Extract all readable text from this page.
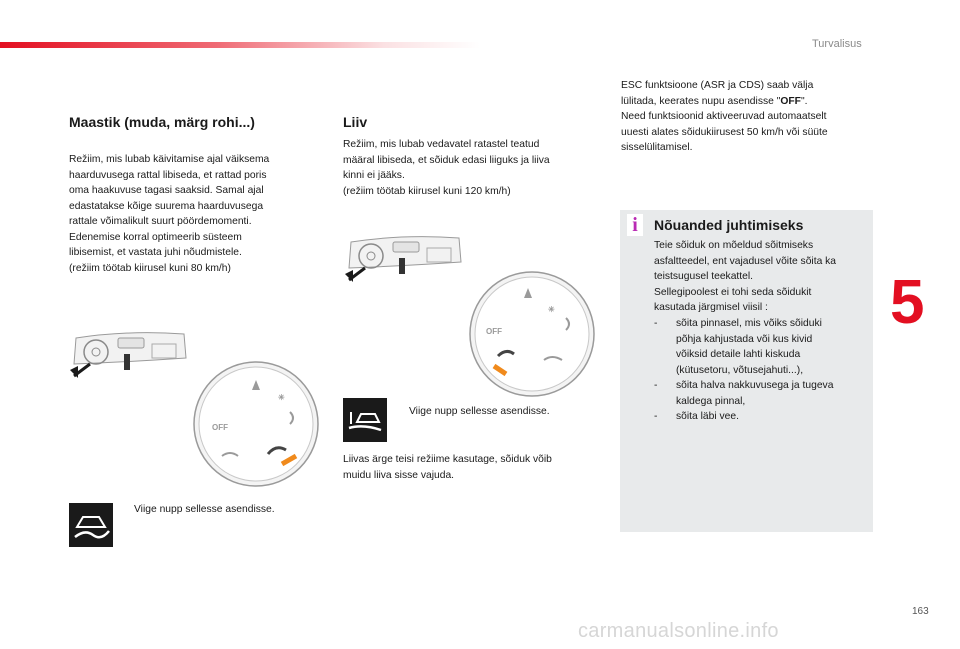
Turvalisus
5
Maastik (muda, märg rohi...)
Režiim, mis lubab käivitamise ajal väiksema
haarduvusega rattal libiseda, et rattad poris
oma haakuvuse tagasi saaksid. Samal ajal
edastatakse kõige suurema haarduvusega
rattale võimalikult suurt pöördemomenti.
Edenemise korral optimeerib süsteem
libisemist, et vastata juhi nõudmistele.
(režiim töötab kiirusel kuni 80 km/h)
✳
OFF
Viige nupp sellesse asendisse.
Liiv
Režiim, mis lubab vedavatel ratastel teatud
määral libiseda, et sõiduk edasi liiguks ja liiva
kinni ei jääks.
(režiim töötab kiirusel kuni 120 km/h)
✳
OFF
Viige nupp sellesse asendisse.
Liivas ärge teisi režiime kasutage, sõiduk võib
muidu liiva sisse vajuda.
ESC funktsioone (ASR ja CDS) saab välja
lülitada, keerates nupu asendisse "OFF".
Need funktsioonid aktiveeruvad automaatselt
uuesti alates sõidukiirusest 50 km/h või süüte
sisselülitamisel.
i	Nõuanded juhtimiseks
Teie sõiduk on mõeldud sõitmiseks
asfaltteedel, ent vajadusel võite sõita ka
teistsugusel teekattel.
Sellegipoolest ei tohi seda sõidukit
kasutada järgmisel viisil :
-	sõita pinnasel, mis võiks sõiduki
põhja kahjustada või kus kivid
võiksid detaile lahti kiskuda
(kütusetoru, võtusejahuti...),
-	sõita halva nakkuvusega ja tugeva
kaldega pinnal,
-	sõita läbi vee.
163
carmanualsonline.info
